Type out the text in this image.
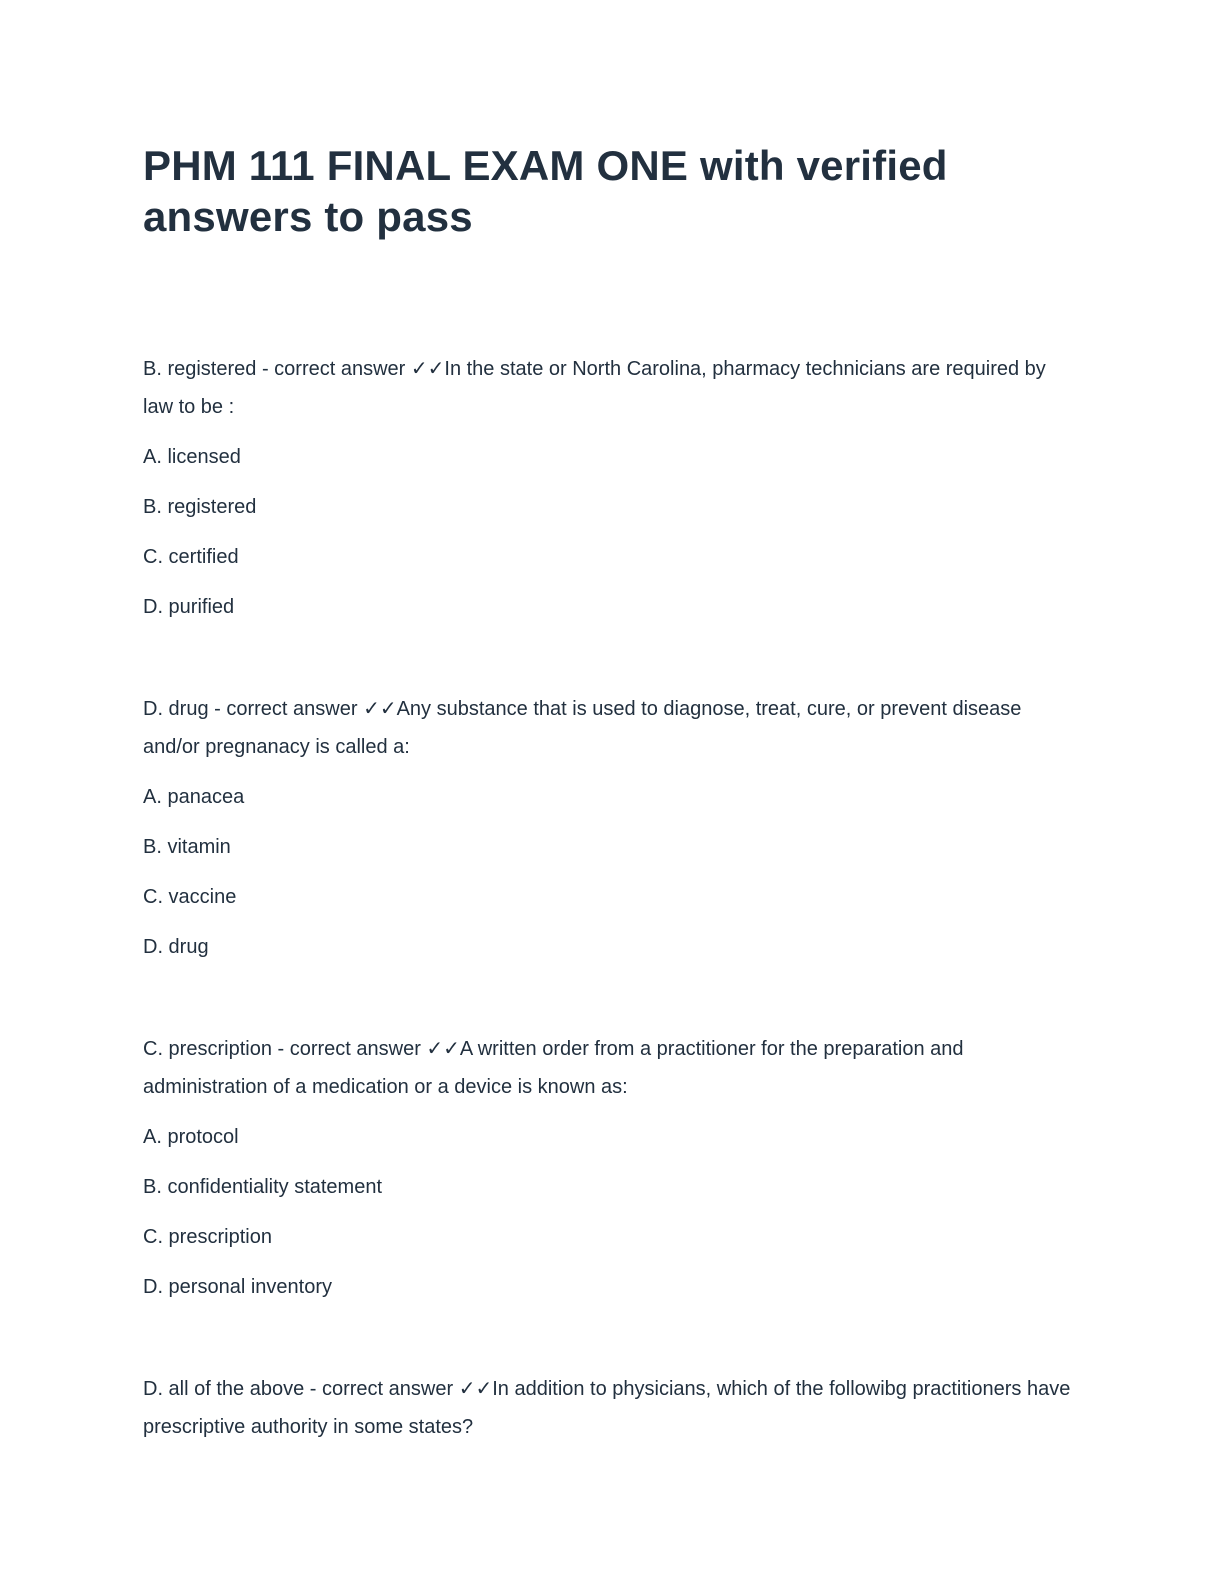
PHM 111 FINAL EXAM ONE with verified answers to pass

B. registered - correct answer ✓✓In the state or North Carolina, pharmacy technicians are required by law to be :

A. licensed

B. registered

C. certified

D. purified

D. drug - correct answer ✓✓Any substance that is used to diagnose, treat, cure, or prevent disease and/or pregnanacy is called a:

A. panacea

B. vitamin

C. vaccine

D. drug

C. prescription - correct answer ✓✓A written order from a practitioner for the preparation and administration of a medication or a device is known as:

A. protocol

B. confidentiality statement

C. prescription

D. personal inventory

D. all of the above - correct answer ✓✓In addition to physicians, which of the followibg practitioners have prescriptive authority in some states?
